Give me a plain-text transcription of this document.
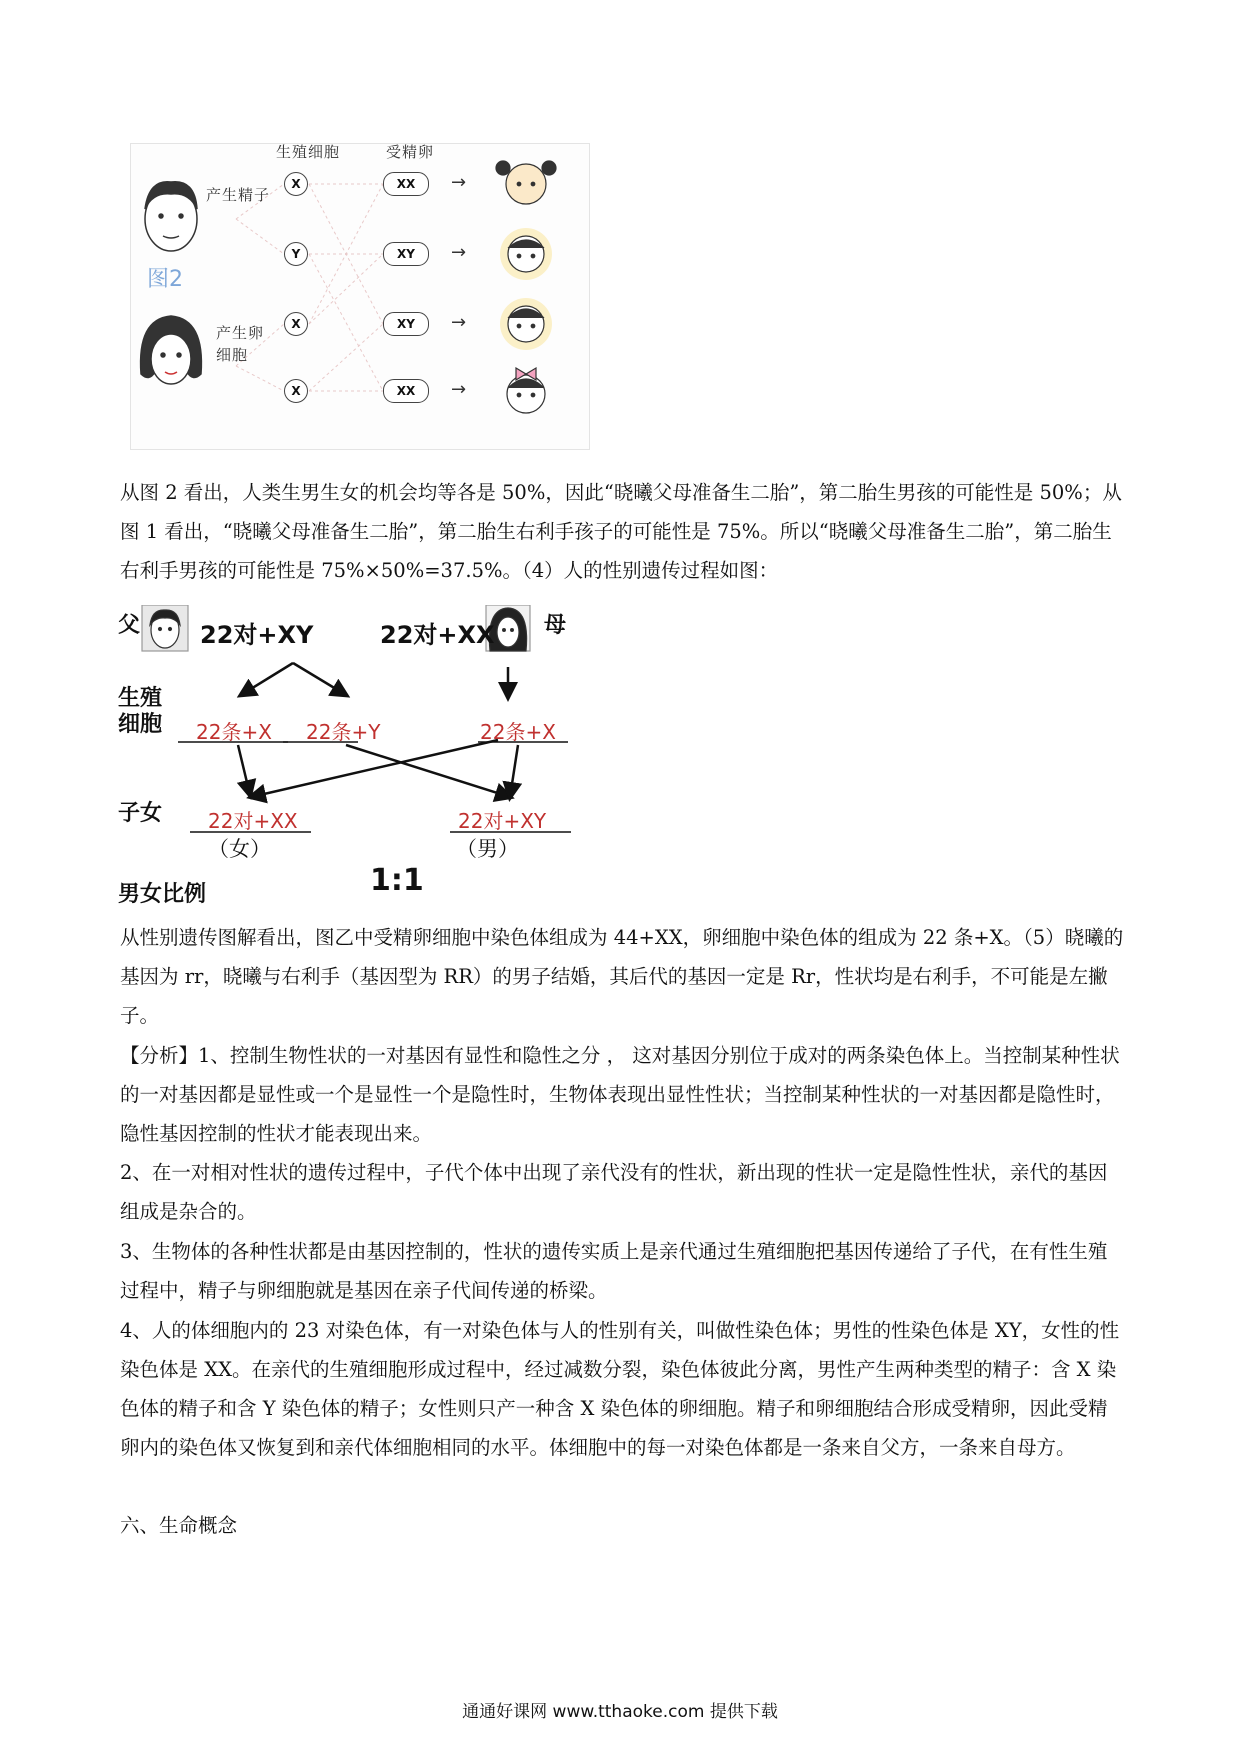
生殖细胞	受精卵
产生精子
产生卵
细胞
图2
X
Y
X
X
XX
XY
XY
XX
→
→
→
→

从图 2 看出，人类生男生女的机会均等各是 50%，因此“晓曦父母准备生二胎”，第二胎生男孩的可能性是 50%；从图 1 看出，“晓曦父母准备生二胎”，第二胎生右利手孩子的可能性是 75%。所以“晓曦父母准备生二胎”，第二胎生右利手男孩的可能性是 75%×50%=37.5%。（4）人的性别遗传过程如图：

父 22对+XY	22对+XX 母
生殖
细胞 22条+X 22条+Y	22条+X
子女 22对+XX
（女）
22对+XY
（男）
男女比例	1:1

从性别遗传图解看出，图乙中受精卵细胞中染色体组成为 44+XX，卵细胞中染色体的组成为 22 条+X。（5）晓曦的基因为 rr，晓曦与右利手（基因型为 RR）的男子结婚，其后代的基因一定是 Rr，性状均是右利手，不可能是左撇子。

【分析】1、控制生物性状的一对基因有显性和隐性之分 ， 这对基因分别位于成对的两条染色体上。当控制某种性状的一对基因都是显性或一个是显性一个是隐性时，生物体表现出显性性状；当控制某种性状的一对基因都是隐性时，隐性基因控制的性状才能表现出来。

2、在一对相对性状的遗传过程中，子代个体中出现了亲代没有的性状，新出现的性状一定是隐性性状，亲代的基因组成是杂合的。

3、生物体的各种性状都是由基因控制的，性状的遗传实质上是亲代通过生殖细胞把基因传递给了子代，在有性生殖过程中，精子与卵细胞就是基因在亲子代间传递的桥梁。

4、人的体细胞内的 23 对染色体，有一对染色体与人的性别有关，叫做性染色体；男性的性染色体是 XY，女性的性染色体是 XX。在亲代的生殖细胞形成过程中，经过减数分裂，染色体彼此分离，男性产生两种类型的精子：含 X 染色体的精子和含 Y 染色体的精子；女性则只产一种含 X 染色体的卵细胞。精子和卵细胞结合形成受精卵，因此受精卵内的染色体又恢复到和亲代体细胞相同的水平。体细胞中的每一对染色体都是一条来自父方，一条来自母方。

六、生命概念

通通好课网 www.tthaoke.com 提供下载
